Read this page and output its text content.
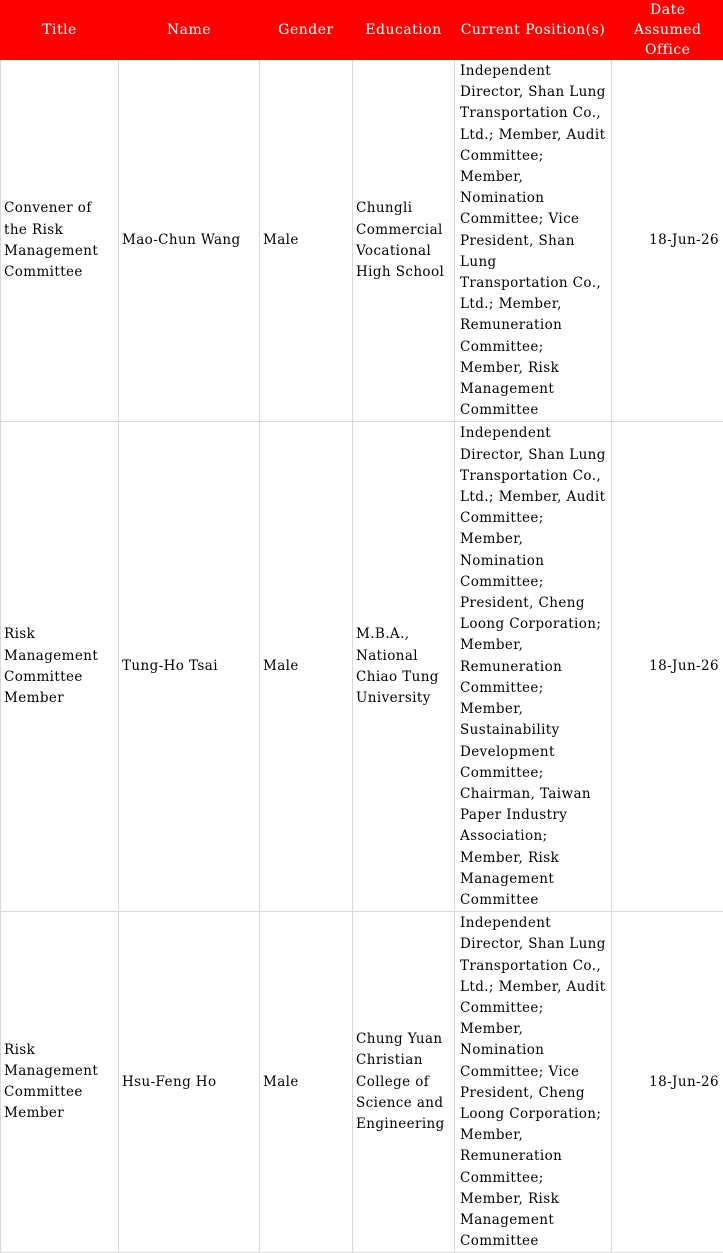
Title	Name	Gender	Education	Current Position(s)	Date Assumed Office
Convener of the Risk Management Committee	Mao-Chun Wang	Male	Chungli Commercial Vocational High School	Independent Director, Shan Lung Transportation Co., Ltd.; Member, Audit Committee; Member, Nomination Committee; Vice President, Shan Lung Transportation Co., Ltd.; Member, Remuneration Committee; Member, Risk Management Committee	18-Jun-26
Risk Management Committee Member	Tung-Ho Tsai	Male	M.B.A., National Chiao Tung University	Independent Director, Shan Lung Transportation Co., Ltd.; Member, Audit Committee; Member, Nomination Committee; President, Cheng Loong Corporation; Member, Remuneration Committee; Member, Sustainability Development Committee; Chairman, Taiwan Paper Industry Association; Member, Risk Management Committee	18-Jun-26
Risk Management Committee Member	Hsu-Feng Ho	Male	Chung Yuan Christian College of Science and Engineering	Independent Director, Shan Lung Transportation Co., Ltd.; Member, Audit Committee; Member, Nomination Committee; Vice President, Cheng Loong Corporation; Member, Remuneration Committee; Member, Risk Management Committee	18-Jun-26
